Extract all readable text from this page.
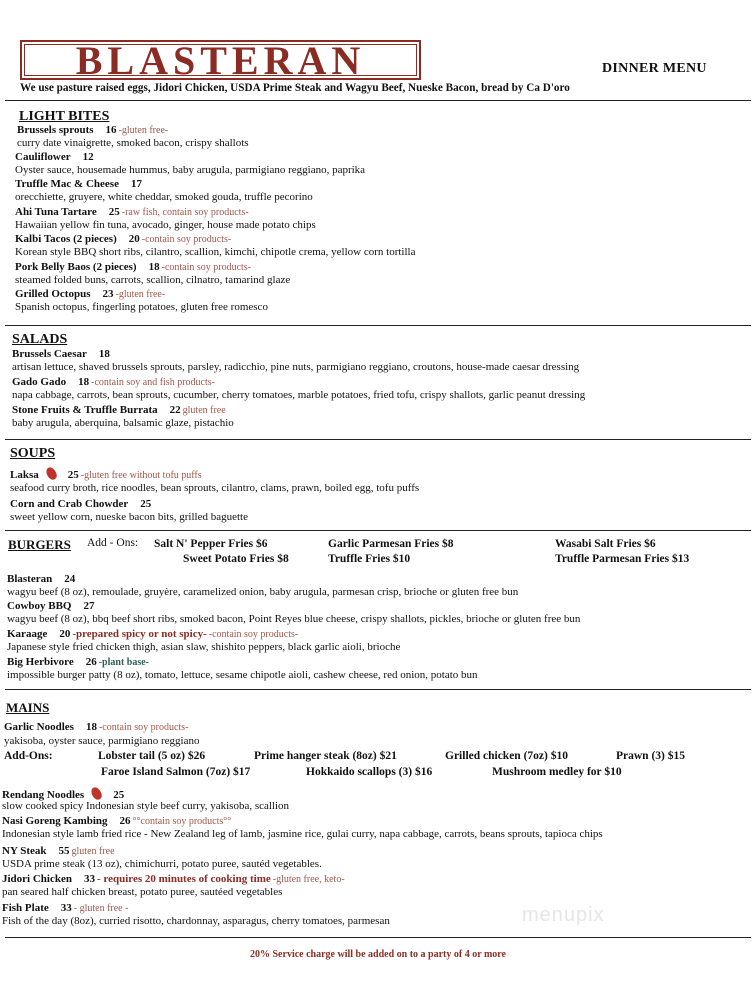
BLASTERAN	DINNER MENU
We use pasture raised eggs, Jidori Chicken, USDA Prime Steak and Wagyu Beef, Nueske Bacon, bread by Ca D'oro
LIGHT BITES
Brussels sprouts 16 -gluten free-
curry date vinaigrette, smoked bacon, crispy shallots
Cauliflower 12
Oyster sauce, housemade hummus, baby arugula, parmigiano reggiano, paprika
Truffle Mac & Cheese 17
orecchiette, gruyere, white cheddar, smoked gouda, truffle pecorino
Ahi Tuna Tartare 25 -raw fish, contain soy products-
Hawaiian yellow fin tuna, avocado, ginger, house made potato chips
Kalbi Tacos (2 pieces) 20 -contain soy products-
Korean style BBQ short ribs, cilantro, scallion, kimchi, chipotle crema, yellow corn tortilla
Pork Belly Baos (2 pieces) 18 -contain soy products-
steamed folded buns, carrots, scallion, cilnatro, tamarind glaze
Grilled Octopus 23 -gluten free-
Spanish octopus, fingerling potatoes, gluten free romesco
SALADS
Brussels Caesar 18
artisan lettuce, shaved brussels sprouts, parsley, radicchio, pine nuts, parmigiano reggiano, croutons, house-made caesar dressing
Gado Gado 18 -contain soy and fish products-
napa cabbage, carrots, bean sprouts, cucumber, cherry tomatoes, marble potatoes, fried tofu, crispy shallots, garlic peanut dressing
Stone Fruits & Truffle Burrata 22 gluten free
baby arugula, aberquina, balsamic glaze, pistachio
SOUPS
Laksa	25 -gluten free without tofu puffs
seafood curry broth, rice noodles, bean sprouts, cilantro, clams, prawn, boiled egg, tofu puffs
Corn and Crab Chowder 25
sweet yellow corn, nueske bacon bits, grilled baguette
BURGERS Add - Ons: Salt N' Pepper Fries $6	Garlic Parmesan Fries $8	Wasabi Salt Fries $6
Sweet Potato Fries $8	Truffle Fries $10	Truffle Parmesan Fries $13
Blasteran 24
wagyu beef (8 oz), remoulade, gruyère, caramelized onion, baby arugula, parmesan crisp, brioche or gluten free bun
Cowboy BBQ 27
wagyu beef (8 oz), bbq beef short ribs, smoked bacon, Point Reyes blue cheese, crispy shallots, pickles, brioche or gluten free bun
Karaage 20 -prepared spicy or not spicy- -contain soy products-
Japanese style fried chicken thigh, asian slaw, shishito peppers, black garlic aioli, brioche
Big Herbivore 26 -plant base-
impossible burger patty (8 oz), tomato, lettuce, sesame chipotle aioli, cashew cheese, red onion, potato bun
MAINS
Garlic Noodles 18 -contain soy products-
yakisoba, oyster sauce, parmigiano reggiano
Add-Ons:	Lobster tail (5 oz) $26	Prime hanger steak (8oz) $21	Grilled chicken (7oz) $10	Prawn (3) $15
Faroe Island Salmon (7oz) $17	Hokkaido scallops (3) $16	Mushroom medley for $10
Rendang Noodles	25
slow cooked spicy Indonesian style beef curry, yakisoba, scallion
Nasi Goreng Kambing 26 °°contain soy products°°
Indonesian style lamb fried rice - New Zealand leg of lamb, jasmine rice, gulai curry, napa cabbage, carrots, beans sprouts, tapioca chips
NY Steak 55 gluten free
USDA prime steak (13 oz), chimichurri, potato puree, sautéd vegetables.
Jidori Chicken 33 - requires 20 minutes of cooking time -gluten free, keto-
pan seared half chicken breast, potato puree, sautéed vegetables
Fish Plate 33 - gluten free -
Fish of the day (8oz), curried risotto, chardonnay, asparagus, cherry tomatoes, parmesan	menupix
20% Service charge will be added on to a party of 4 or more
